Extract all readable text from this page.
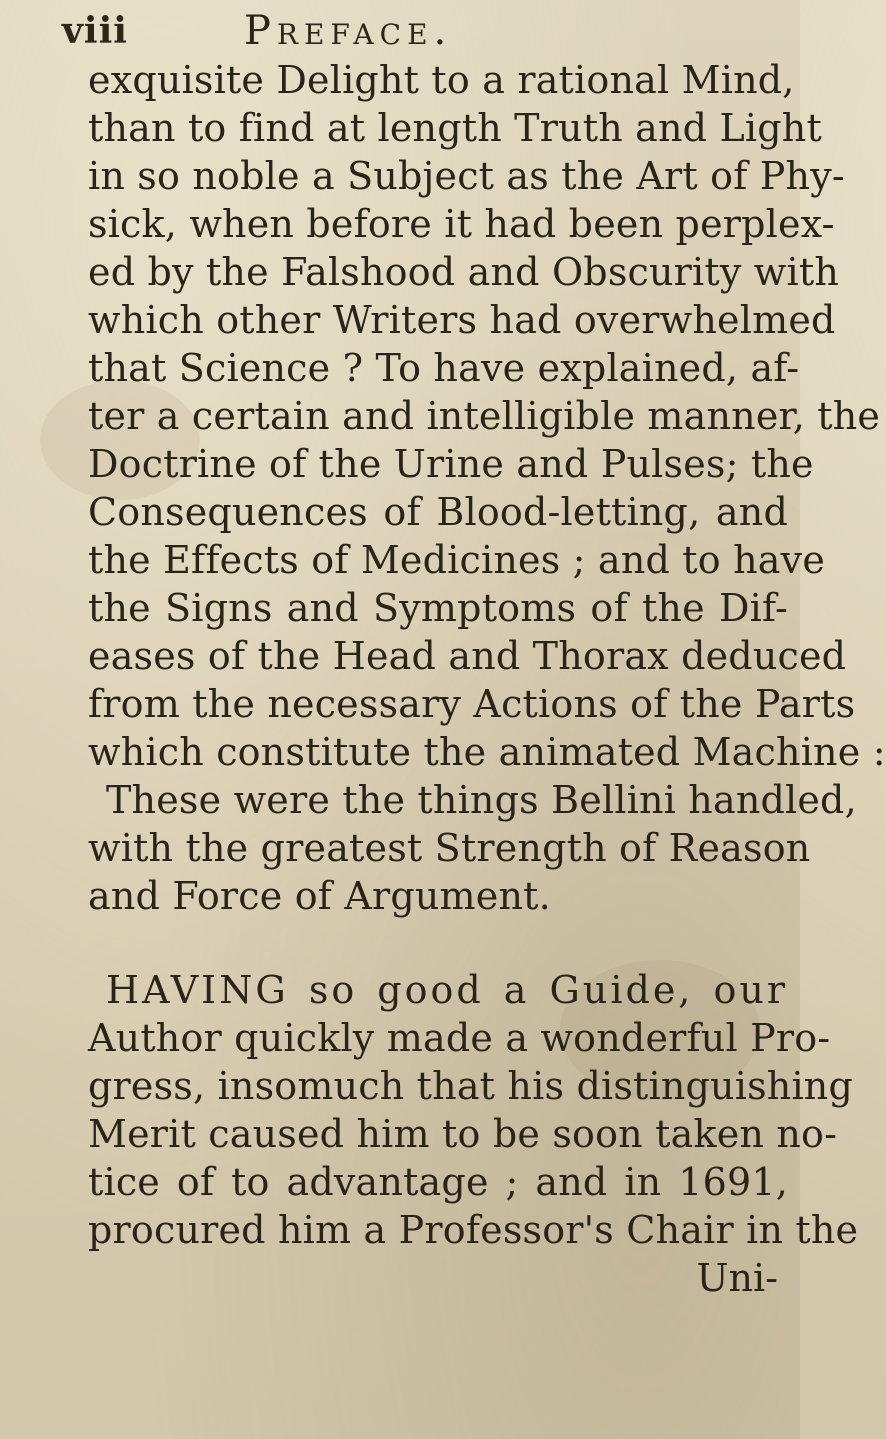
viii	Preface.
exquisite Delight to a rational Mind,
than to find at length Truth and Light
in so noble a Subject as the Art of Phy-
sick, when before it had been perplex-
ed by the Falshood and Obscurity with
which other Writers had overwhelmed
that Science ? To have explained, af-
ter a certain and intelligible manner, the
Doctrine of the Urine and Pulses; the
Consequences of Blood-letting, and
the Effects of Medicines ; and to have
the Signs and Symptoms of the Dif-
eases of the Head and Thorax deduced
from the necessary Actions of the Parts
which constitute the animated Machine :
These were the things Bellini handled,
with the greatest Strength of Reason
and Force of Argument.
HAVING so good a Guide, our
Author quickly made a wonderful Pro-
gress, insomuch that his distinguishing
Merit caused him to be soon taken no-
tice of to advantage ; and in 1691,
procured him a Professor's Chair in the
Uni-
